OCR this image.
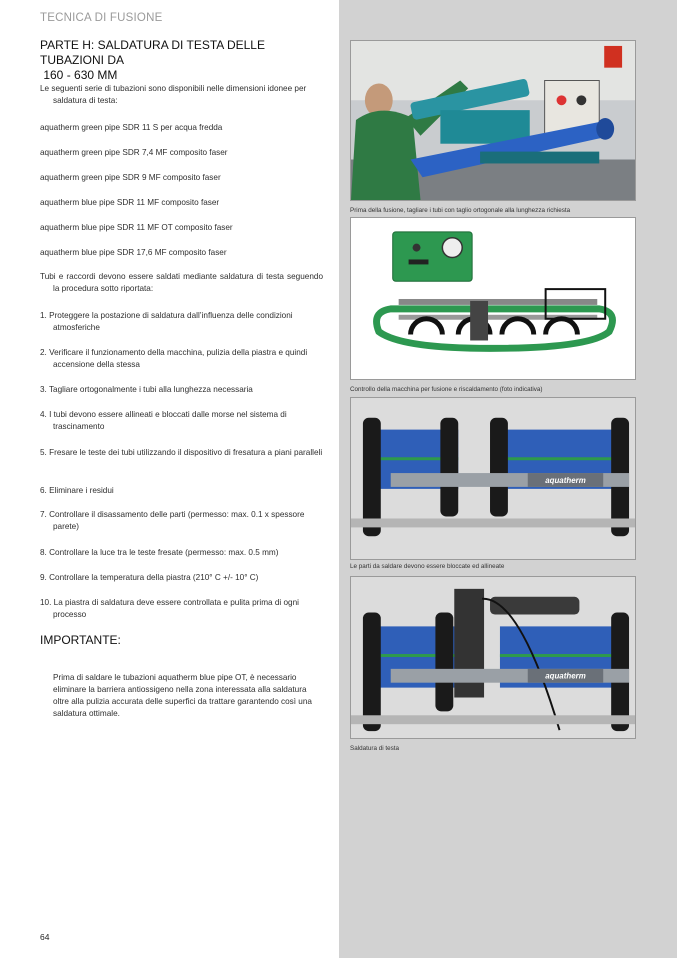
TECNICA DI FUSIONE
PARTE H: SALDATURA DI TESTA DELLE TUBAZIONI DA
160 - 630 MM

Le seguenti serie di tubazioni sono disponibili nelle dimensioni idonee per saldatura di testa:

aquatherm green pipe SDR 11 S per acqua fredda

aquatherm green pipe SDR 7,4 MF composito faser

aquatherm green pipe SDR 9 MF composito faser

aquatherm blue pipe SDR 11 MF composito faser

aquatherm blue pipe SDR 11 MF OT composito faser

aquatherm blue pipe SDR 17,6 MF composito faser

Tubi e raccordi devono essere saldati mediante saldatura di testa seguendo la procedura sotto riportata:

1. Proteggere la postazione di saldatura dall’influenza delle condizioni atmosferiche

2. Verificare il funzionamento della macchina, pulizia della piastra e quindi accensione della stessa

3. Tagliare ortogonalmente i tubi alla lunghezza necessaria

4. I tubi devono essere allineati e bloccati dalle morse nel sistema di trascinamento

5. Fresare le teste dei tubi utilizzando il dispositivo di fresatura a piani paralleli

6. Eliminare i residui

7. Controllare il disassamento delle parti (permesso: max. 0.1 x spessore parete)

8. Controllare la luce tra le teste fresate (permesso: max. 0.5 mm)

9. Controllare la temperatura della piastra (210° C +/- 10° C)

10. La piastra di saldatura deve essere controllata e pulita prima di ogni processo

IMPORTANTE:

Prima di saldare le tubazioni aquatherm blue pipe OT, è necessario eliminare la barriera antiossigeno nella zona interessata alla saldatura oltre alla pulizia accurata delle superfici da trattare garantendo così una saldatura ottimale.

64
Prima della fusione, tagliare i tubi con taglio ortogonale alla lunghezza richiesta
Controllo della macchina per fusione e riscaldamento (foto indicativa)
aquatherm
Le parti da saldare devono essere bloccate ed allineate
aquatherm
Saldatura di testa
